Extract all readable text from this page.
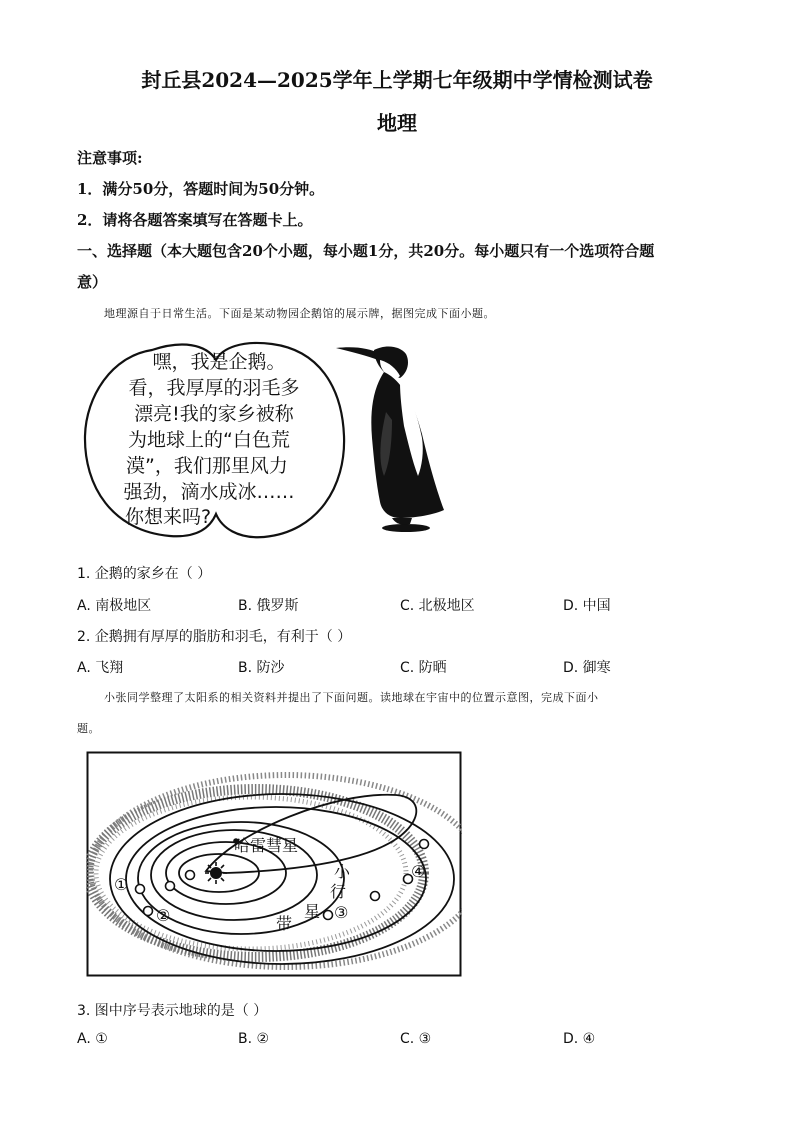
封丘县2024—2025学年上学期七年级期中学情检测试卷
地理
注意事项:
1．满分50分，答题时间为50分钟。
2．请将各题答案填写在答题卡上。
一、选择题（本大题包含20个小题，每小题1分，共20分。每小题只有一个选项符合题
意）
地理源自于日常生活。下面是某动物园企鹅馆的展示牌，据图完成下面小题。
嘿，我是企鹅。 看，我厚厚的羽毛多 漂亮!我的家乡被称 为地球上的“白色荒 漠”，我们那里风力 强劲，滴水成冰…… 你想来吗?
1. 企鹅的家乡在（ ）
A. 南极地区	B. 俄罗斯	C. 北极地区	D. 中国
2. 企鹅拥有厚厚的脂肪和羽毛，有利于（ ）
A. 飞翔	B. 防沙	C. 防晒	D. 御寒
小张同学整理了太阳系的相关资料并提出了下面问题。读地球在宇宙中的位置示意图，完成下面小
题。
哈雷彗星
小
行
星
带
①
②	③
④
3. 图中序号表示地球的是（ ）
A. ①	B. ②	C. ③	D. ④
